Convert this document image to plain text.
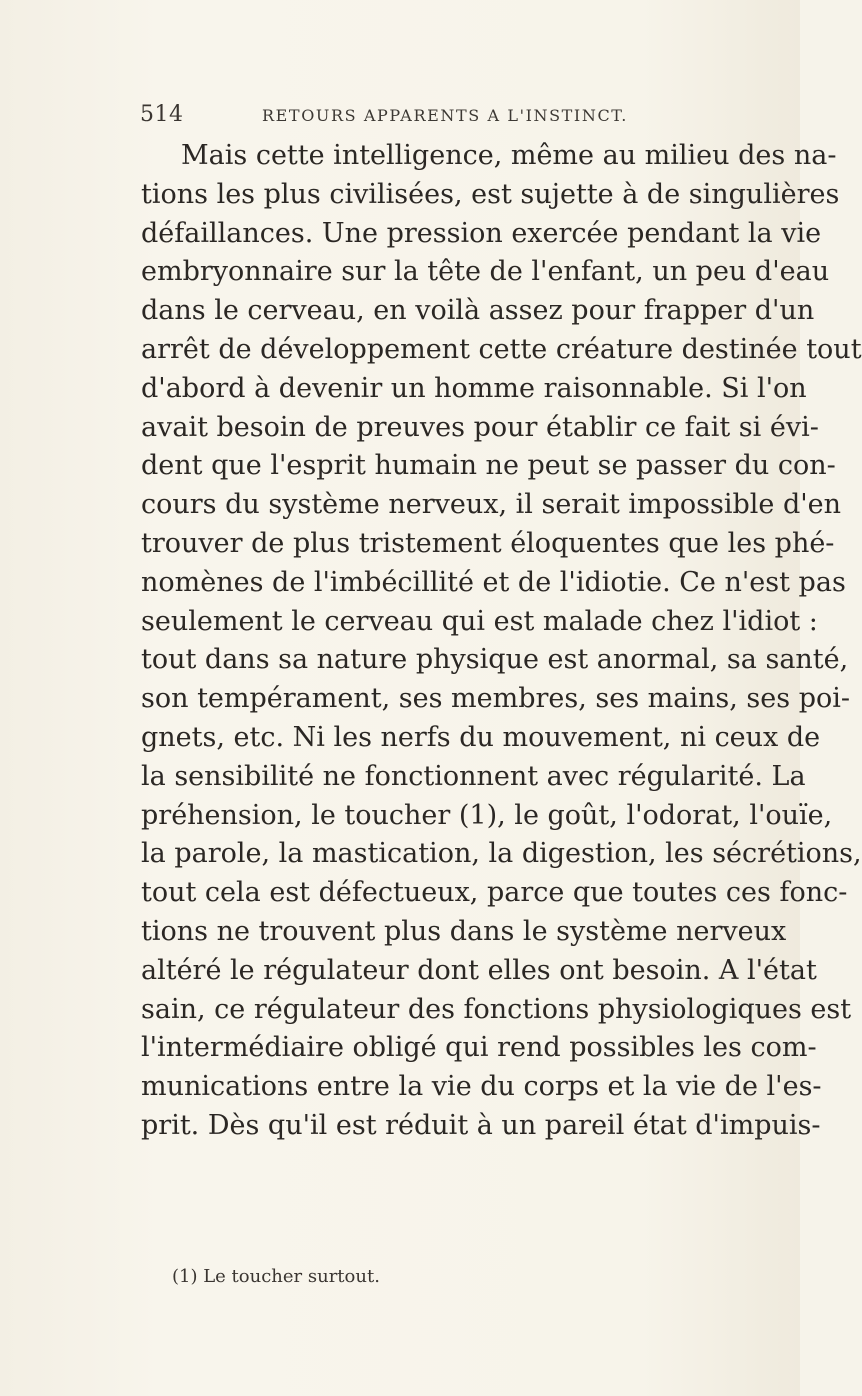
514	RETOURS APPARENTS A L'INSTINCT.
Mais cette intelligence, même au milieu des na-
tions les plus civilisées, est sujette à de singulières
défaillances. Une pression exercée pendant la vie
embryonnaire sur la tête de l'enfant, un peu d'eau
dans le cerveau, en voilà assez pour frapper d'un
arrêt de développement cette créature destinée tout
d'abord à devenir un homme raisonnable. Si l'on
avait besoin de preuves pour établir ce fait si évi-
dent que l'esprit humain ne peut se passer du con-
cours du système nerveux, il serait impossible d'en
trouver de plus tristement éloquentes que les phé-
nomènes de l'imbécillité et de l'idiotie. Ce n'est pas
seulement le cerveau qui est malade chez l'idiot :
tout dans sa nature physique est anormal, sa santé,
son tempérament, ses membres, ses mains, ses poi-
gnets, etc. Ni les nerfs du mouvement, ni ceux de
la sensibilité ne fonctionnent avec régularité. La
préhension, le toucher (1), le goût, l'odorat, l'ouïe,
la parole, la mastication, la digestion, les sécrétions,
tout cela est défectueux, parce que toutes ces fonc-
tions ne trouvent plus dans le système nerveux
altéré le régulateur dont elles ont besoin. A l'état
sain, ce régulateur des fonctions physiologiques est
l'intermédiaire obligé qui rend possibles les com-
munications entre la vie du corps et la vie de l'es-
prit. Dès qu'il est réduit à un pareil état d'impuis-
(1) Le toucher surtout.
